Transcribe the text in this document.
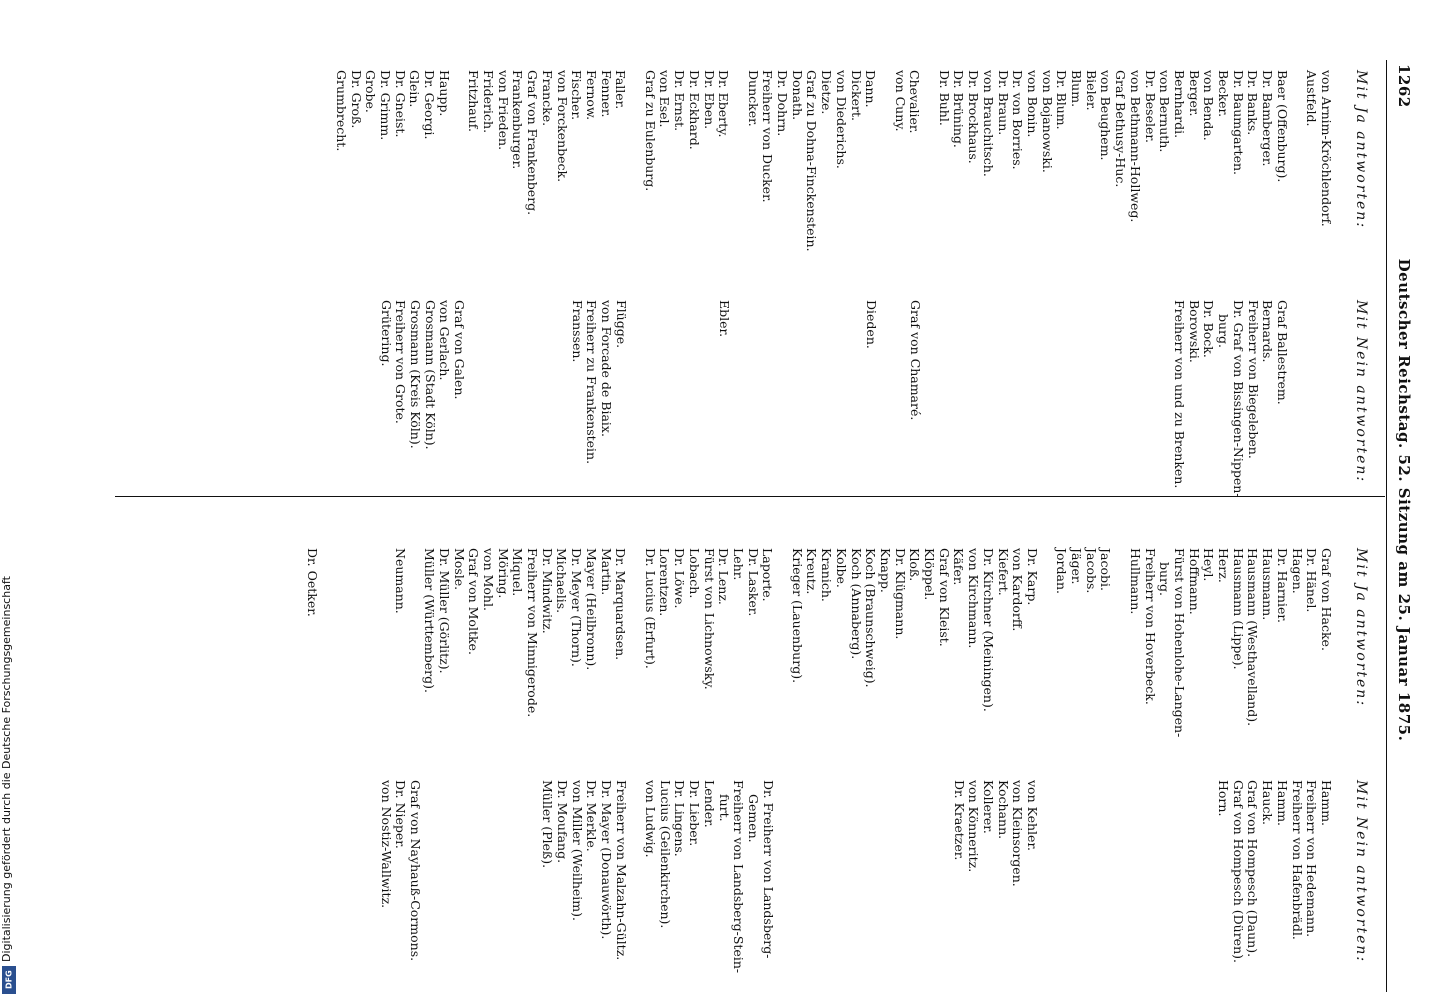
Digitalisierung gefördert durch die Deutsche Forschungsgemeinschaft
DFG
1262
Deutscher Reichstag. 52. Sitzung am 25. Januar 1875.
Mit Ja antworten:
Mit Nein antworten:
Mit Ja antworten:
Mit Nein antworten:
von Arnim-Kröchlendorf.
Austfeld.
Baer (Offenburg).
Dr. Bamberger.
Dr. Banks.
Dr. Baumgarten.
Becker.
von Benda.
Berger.
Bernhardi.
von Bernuth.
Dr. Beseler.
von Bethmann-Hollweg.
Graf Bethusy-Huc.
von Beughem.
Bieler.
Blum.
Dr. Blum.
von Bojanowski.
von Bonin.
Dr. von Borries.
Dr. Braun.
von Brauchitsch.
Dr. Brockhaus.
Dr. Brüning.
Dr. Buhl.
Chevalier.
von Cuny.
Dann.
Dickert.
von Diederichs.
Dietze.
Graf zu Dohna-Finckenstein.
Donath.
Dr. Dohrn.
Freiherr von Ducker.
Duncker.
Dr. Eberty.
Dr. Eben.
Dr. Eckhard.
Dr. Ernst.
von Esel.
Graf zu Eulenburg.
Faller.
Fenner.
Fernow.
Fischer.
von Forckenbeck.
Francke.
Graf von Frankenberg.
Frankenburger.
von Frieden.
Friderich.
Fritzhauf.
Haupp.
Dr. Georgi.
Glein.
Dr. Gneist.
Dr. Grimm.
Grobe.
Dr. Groß.
Grumbrecht.
Graf Ballestrem.
Bernards.
Freiherr von Biegeleben.
Dr. Graf von Bissingen-Nippen-
burg.
Dr. Bock.
Borowski.
Freiherr von und zu Brenken.
Graf von Chamaré.
Dieden.
Ebler.
Flügge.
von Forcade de Biaix.
Freiherr zu Frankenstein.
Franssen.
Graf von Galen.
von Gerlach.
Grosmann (Stadt Köln).
Grosmann (Kreis Köln).
Freiherr von Grote.
Grütering.
Graf von Hacke.
Dr. Hänel.
Hagen.
Dr. Harnier.
Hausmann.
Hausmann (Westhavelland).
Hausmann (Lippe).
Herz.
Heyl.
Hoffmann.
Fürst von Hohenlohe-Langen-
burg.
Freiherr von Hoverbeck.
Hullmann.
Jacobi.
Jacobs.
Jäger.
Jordan.
Dr. Karp.
von Kardorff.
Kiefert.
Dr. Kirchner (Meiningen).
von Kirchmann.
Käfer.
Graf von Kleist.
Klöppel.
Kloß.
Dr. Klügmann.
Knapp.
Koch (Braunschweig).
Koch (Annaberg).
Kolbe.
Kranich.
Kreutz.
Krieger (Lauenburg).
Laporte.
Dr. Lasker.
Lehr.
Dr. Lenz.
Fürst von Lichnowsky.
Lobach.
Dr. Löwe.
Lorentzen.
Dr. Lucius (Erfurt).
Dr. Marquardsen.
Martin.
Mayer (Heilbronn).
Dr. Meyer (Thorn).
Michaelis.
Dr. Mindwitz.
Freiherr von Minnigerode.
Miquel.
Möring.
von Mohl.
Graf von Moltke.
Mosle.
Dr. Müller (Görlitz).
Müller (Württemberg).
Neumann.
Dr. Oetker.
Hamm.
Freiherr von Hedemann.
Freiherr von Hafenbrädl.
Hamm.
Hauck.
Graf von Hompesch (Daun).
Graf von Hompesch (Düren).
Horn.
von Kehler.
von Kleinsorgen.
Kochann.
Kollerer.
von Könneritz.
Dr. Kraetzer.
Dr. Freiherr von Landsberg-
Gemen.
Freiherr von Landsberg-Stein-
furt.
Lender.
Dr. Lieber.
Dr. Lingens.
Lucius (Geilenkirchen).
von Ludwig.
Freiherr von Malzahn-Gültz.
Dr. Mayer (Donauwörth).
Dr. Merkle.
von Miller (Weilheim).
Dr. Moufang.
Müller (Pleß).
Graf von Nayhauß-Cormons.
Dr. Nieper.
von Nostiz-Wallwitz.
